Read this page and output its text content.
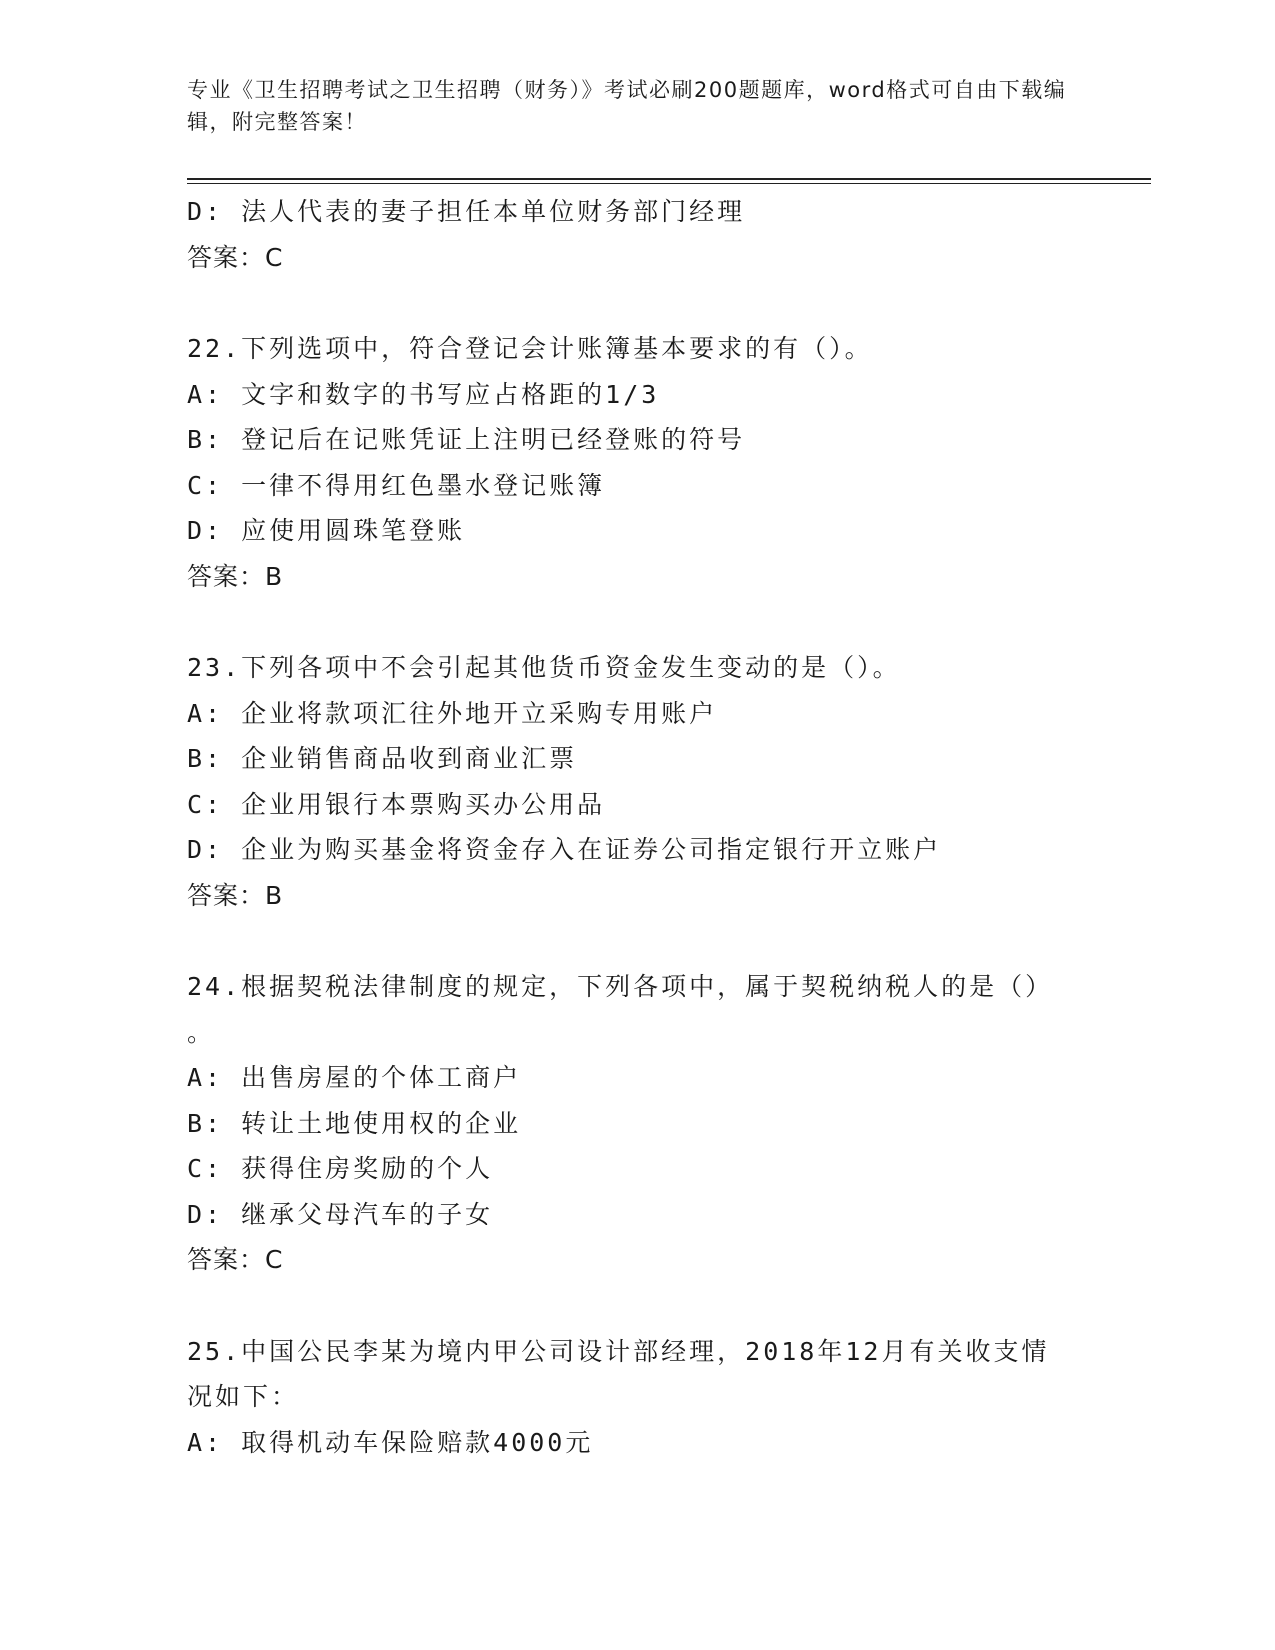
专业《卫生招聘考试之卫生招聘（财务）》考试必刷200题题库，word格式可自由下载编辑，附完整答案！
D: 法人代表的妻子担任本单位财务部门经理
答案：C
22.下列选项中，符合登记会计账簿基本要求的有（）。
A: 文字和数字的书写应占格距的1/3
B: 登记后在记账凭证上注明已经登账的符号
C: 一律不得用红色墨水登记账簿
D: 应使用圆珠笔登账
答案：B
23.下列各项中不会引起其他货币资金发生变动的是（）。
A: 企业将款项汇往外地开立采购专用账户
B: 企业销售商品收到商业汇票
C: 企业用银行本票购买办公用品
D: 企业为购买基金将资金存入在证券公司指定银行开立账户
答案：B
24.根据契税法律制度的规定，下列各项中，属于契税纳税人的是（）
。
A: 出售房屋的个体工商户
B: 转让土地使用权的企业
C: 获得住房奖励的个人
D: 继承父母汽车的子女
答案：C
25.中国公民李某为境内甲公司设计部经理，2018年12月有关收支情
况如下：
A: 取得机动车保险赔款4000元
